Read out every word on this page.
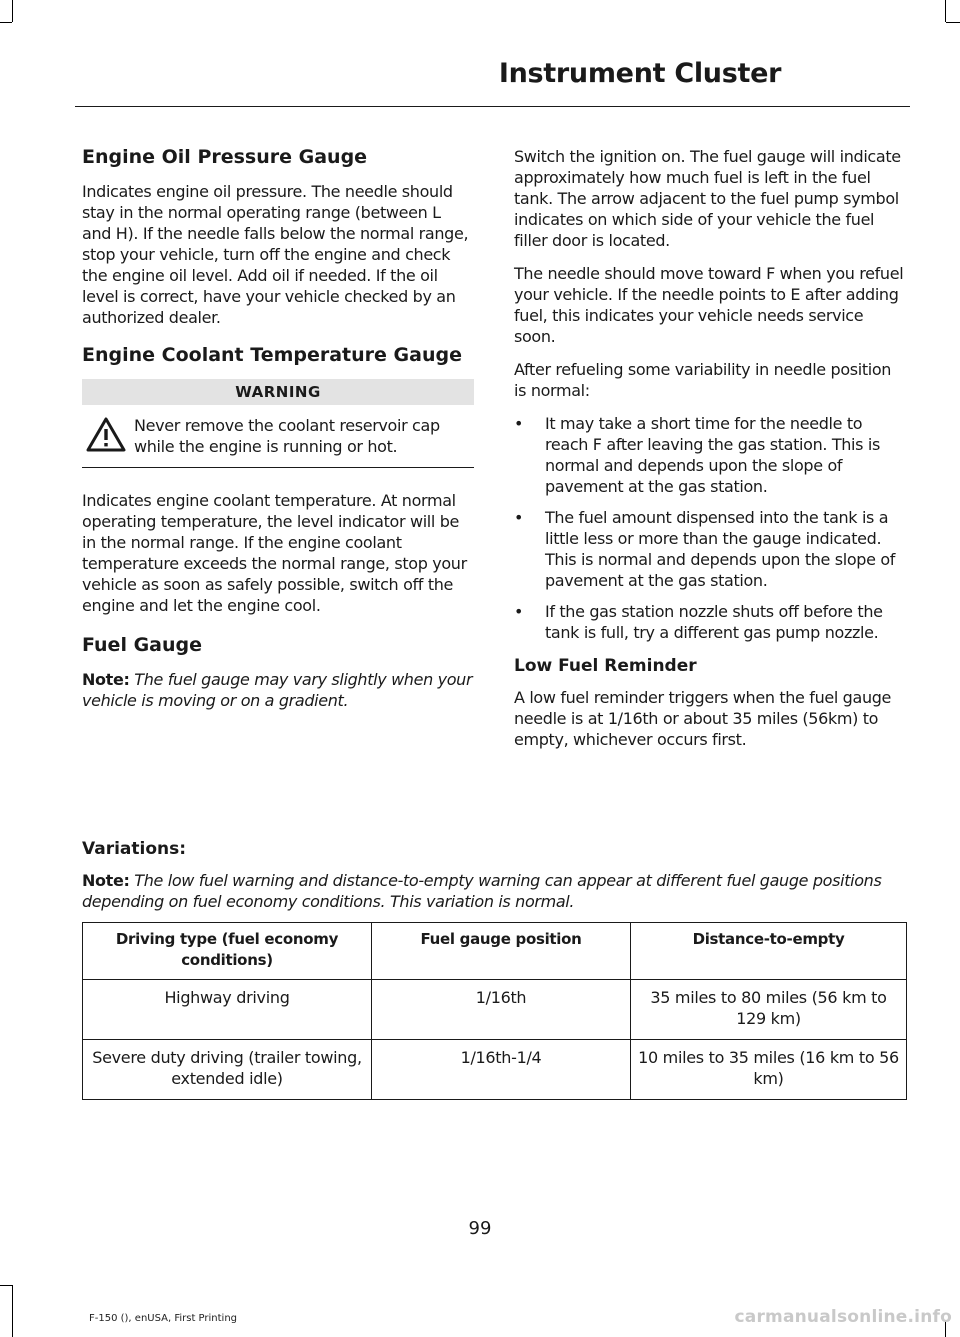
Instrument Cluster
Engine Oil Pressure Gauge

Indicates engine oil pressure. The needle should stay in the normal operating range (between L and H). If the needle falls below the normal range, stop your vehicle, turn off the engine and check the engine oil level. Add oil if needed. If the oil level is correct, have your vehicle checked by an authorized dealer.

Engine Coolant Temperature Gauge
WARNING
Never remove the coolant reservoir cap while the engine is running or hot.

Indicates engine coolant temperature. At normal operating temperature, the level indicator will be in the normal range. If the engine coolant temperature exceeds the normal range, stop your vehicle as soon as safely possible, switch off the engine and let the engine cool.

Fuel Gauge

Note: The fuel gauge may vary slightly when your vehicle is moving or on a gradient.

Switch the ignition on. The fuel gauge will indicate approximately how much fuel is left in the fuel tank. The arrow adjacent to the fuel pump symbol indicates on which side of your vehicle the fuel filler door is located.

The needle should move toward F when you refuel your vehicle. If the needle points to E after adding fuel, this indicates your vehicle needs service soon.

After refueling some variability in needle position is normal:

• It may take a short time for the needle to reach F after leaving the gas station. This is normal and depends upon the slope of pavement at the gas station.
• The fuel amount dispensed into the tank is a little less or more than the gauge indicated. This is normal and depends upon the slope of pavement at the gas station.
• If the gas station nozzle shuts off before the tank is full, try a different gas pump nozzle.
Low Fuel Reminder

A low fuel reminder triggers when the fuel gauge needle is at 1/16th or about 35 miles (56km) to empty, whichever occurs first.

Variations:

Note: The low fuel warning and distance-to-empty warning can appear at different fuel gauge positions depending on fuel economy conditions. This variation is normal.

Driving type (fuel economy conditions)	Fuel gauge position	Distance-to-empty
Highway driving	1/16th	35 miles to 80 miles (56 km to 129 km)
Severe duty driving (trailer towing, extended idle)	1/16th-1/4	10 miles to 35 miles (16 km to 56 km)
99
F-150 (), enUSA, First Printing	carmanualsonline.info
